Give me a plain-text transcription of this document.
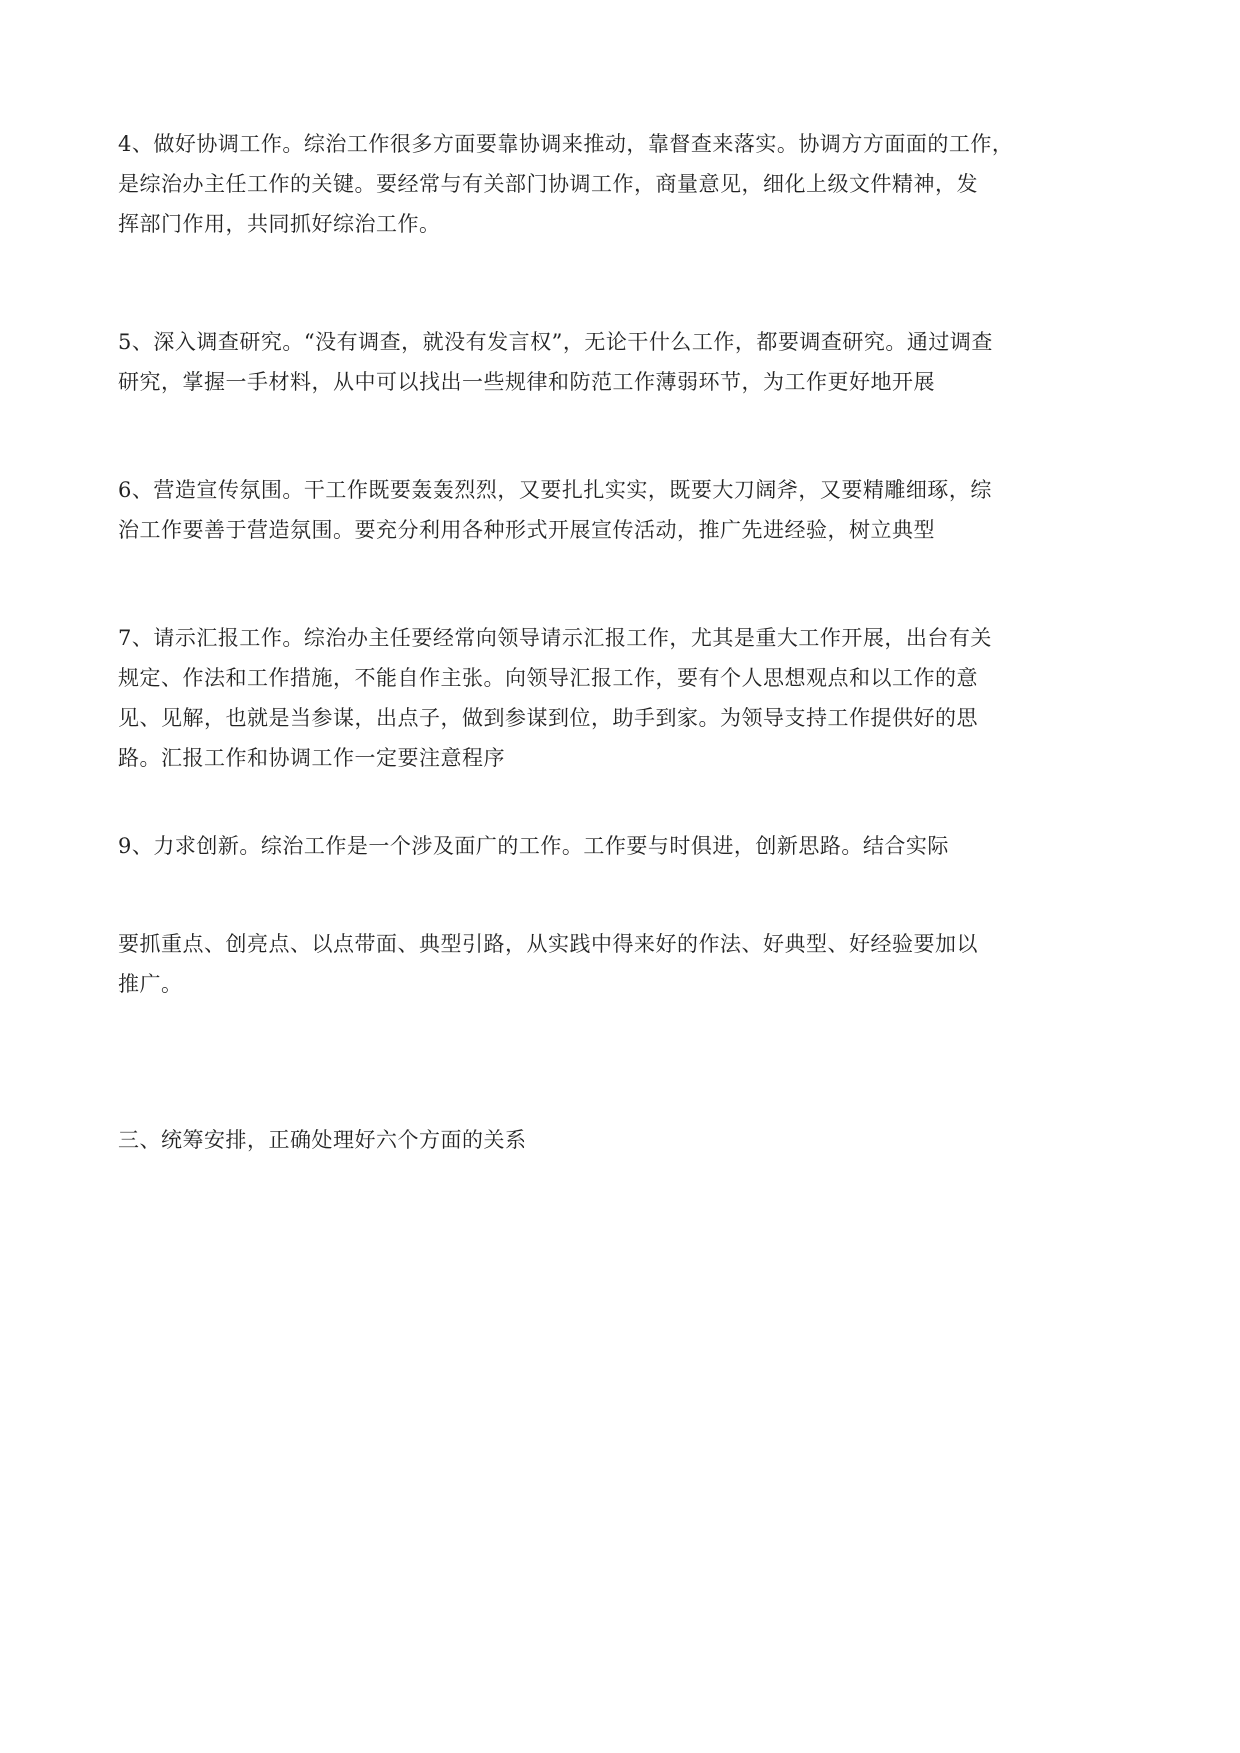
4、做好协调工作。综治工作很多方面要靠协调来推动，靠督查来落实。协调方方面面的工作，
是综治办主任工作的关键。要经常与有关部门协调工作，商量意见，细化上级文件精神，发
挥部门作用，共同抓好综治工作。

5、深入调查研究。“没有调查，就没有发言权”，无论干什么工作，都要调查研究。通过调查
研究，掌握一手材料，从中可以找出一些规律和防范工作薄弱环节，为工作更好地开展

6、营造宣传氛围。干工作既要轰轰烈烈，又要扎扎实实，既要大刀阔斧，又要精雕细琢，综
治工作要善于营造氛围。要充分利用各种形式开展宣传活动，推广先进经验，树立典型

7、请示汇报工作。综治办主任要经常向领导请示汇报工作，尤其是重大工作开展，出台有关
规定、作法和工作措施，不能自作主张。向领导汇报工作，要有个人思想观点和以工作的意
见、见解，也就是当参谋，出点子，做到参谋到位，助手到家。为领导支持工作提供好的思
路。汇报工作和协调工作一定要注意程序

9、力求创新。综治工作是一个涉及面广的工作。工作要与时俱进，创新思路。结合实际

要抓重点、创亮点、以点带面、典型引路，从实践中得来好的作法、好典型、好经验要加以
推广。

三、统筹安排，正确处理好六个方面的关系
